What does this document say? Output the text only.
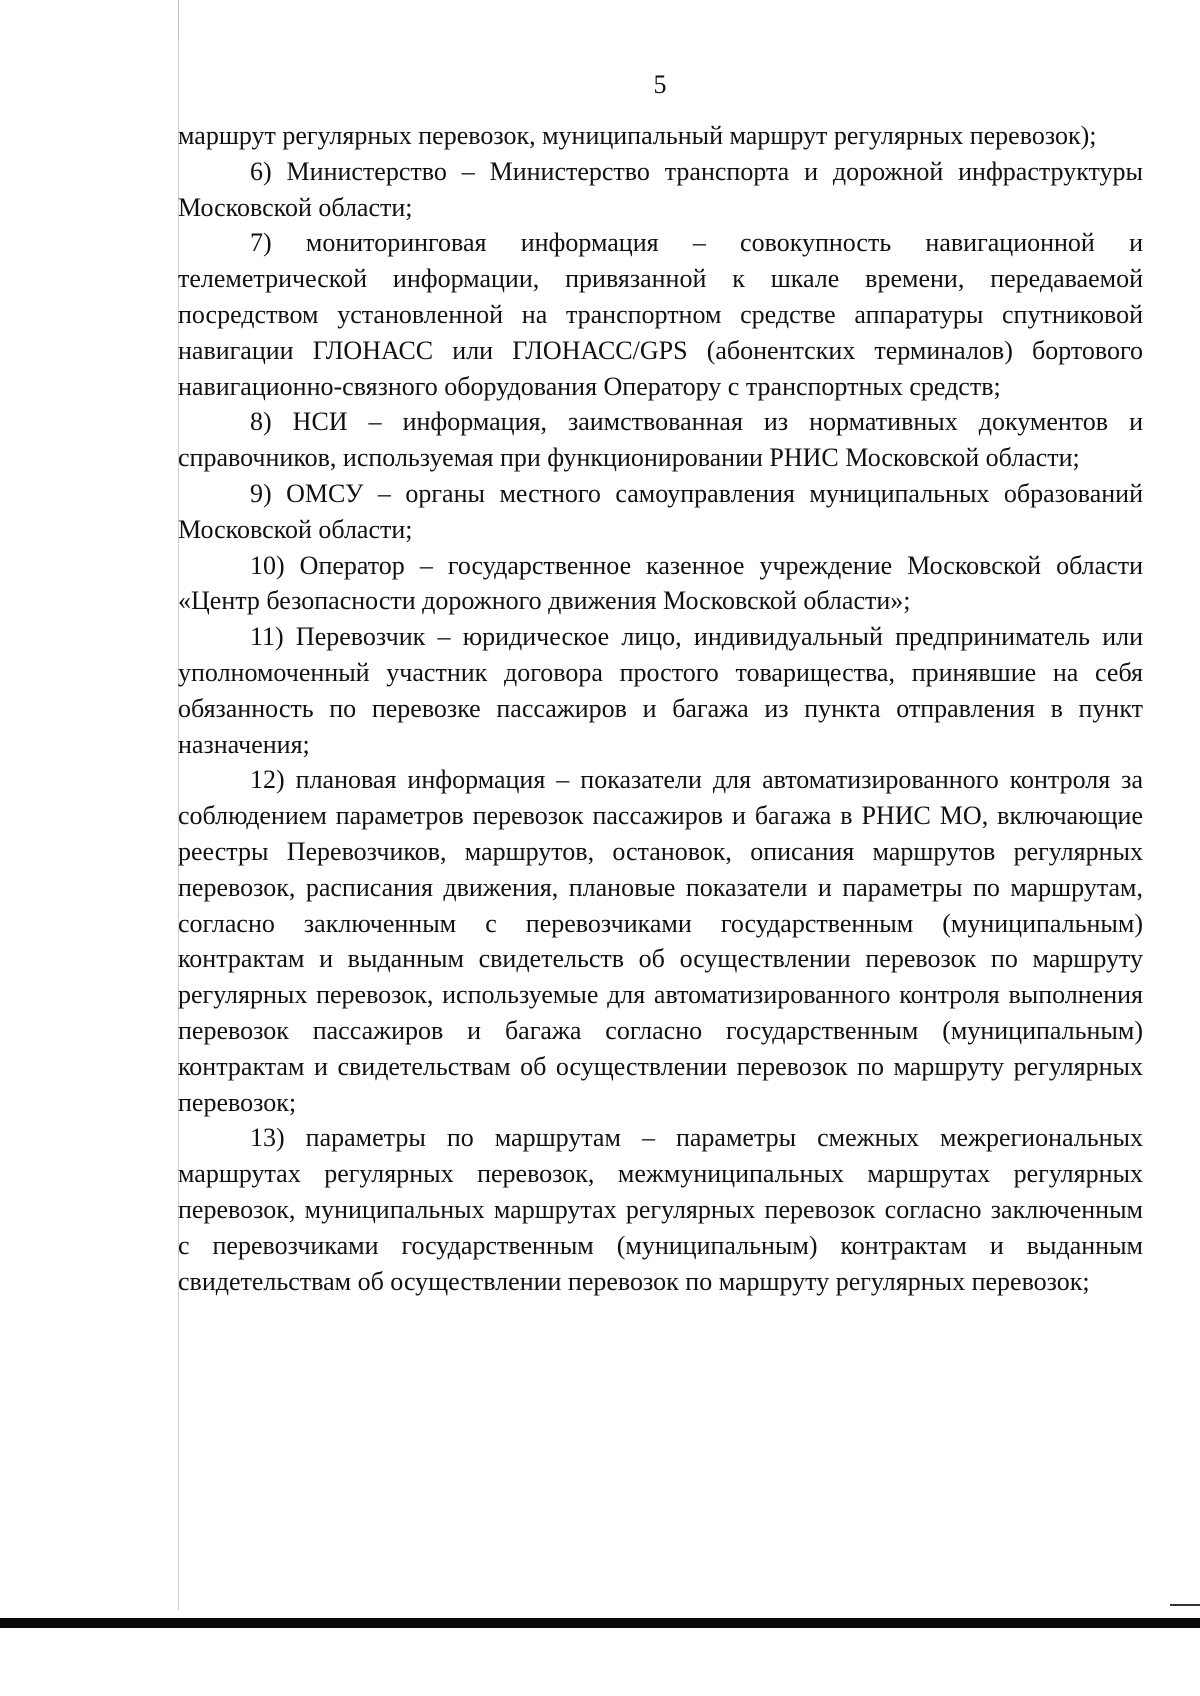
5

маршрут регулярных перевозок, муниципальный маршрут регулярных перевозок);

6) Министерство – Министерство транспорта и дорожной инфраструктуры Московской области;

7) мониторинговая информация – совокупность навигационной и телеметрической информации, привязанной к шкале времени, передаваемой посредством установленной на транспортном средстве аппаратуры спутниковой навигации ГЛОНАСС или ГЛОНАСС/GPS (абонентских терминалов) бортового навигационно-связного оборудования Оператору с транспортных средств;

8) НСИ – информация, заимствованная из нормативных документов и справочников, используемая при функционировании РНИС Московской области;

9) ОМСУ – органы местного самоуправления муниципальных образований Московской области;

10) Оператор – государственное казенное учреждение Московской области «Центр безопасности дорожного движения Московской области»;

11) Перевозчик – юридическое лицо, индивидуальный предприниматель или уполномоченный участник договора простого товарищества, принявшие на себя обязанность по перевозке пассажиров и багажа из пункта отправления в пункт назначения;

12) плановая информация – показатели для автоматизированного контроля за соблюдением параметров перевозок пассажиров и багажа в РНИС МО, включающие реестры Перевозчиков, маршрутов, остановок, описания маршрутов регулярных перевозок, расписания движения, плановые показатели и параметры по маршрутам, согласно заключенным с перевозчиками государственным (муниципальным) контрактам и выданным свидетельств об осуществлении перевозок по маршруту регулярных перевозок, используемые для автоматизированного контроля выполнения перевозок пассажиров и багажа согласно государственным (муниципальным) контрактам и свидетельствам об осуществлении перевозок по маршруту регулярных перевозок;

13) параметры по маршрутам – параметры смежных межрегиональных маршрутах регулярных перевозок, межмуниципальных маршрутах регулярных перевозок, муниципальных маршрутах регулярных перевозок согласно заключенным с перевозчиками государственным (муниципальным) контрактам и выданным свидетельствам об осуществлении перевозок по маршруту регулярных перевозок;
